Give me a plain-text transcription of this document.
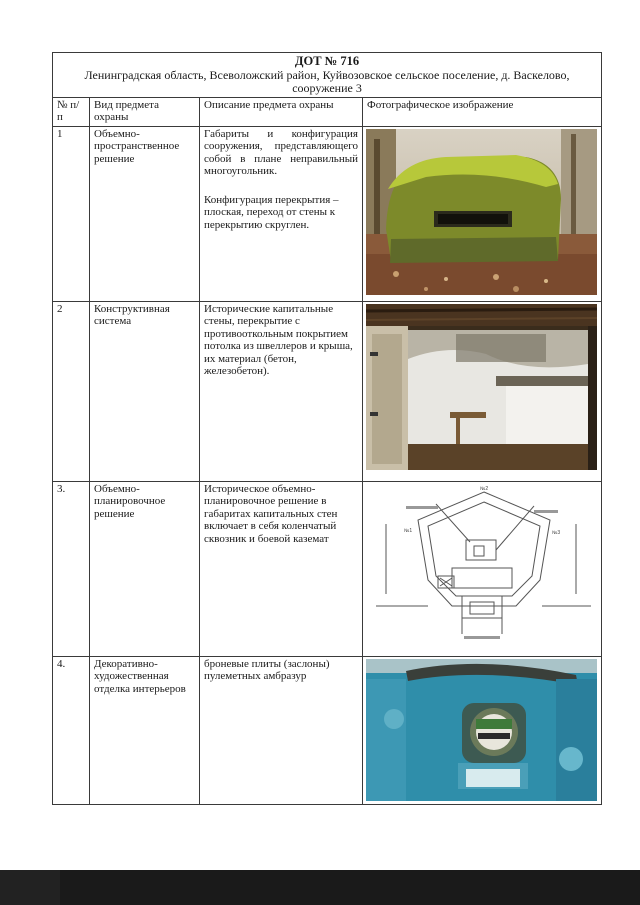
ДОТ № 716
Ленинградская область, Всеволожский район, Куйвозовское сельское поселение, д. Васкелово,
сооружение 3			
№ п/п	Вид предмета охраны	Описание предмета охраны	Фотографическое изображение
1	Объемно-пространственное решение	Габариты и конфигурация сооружения, представляющего собой в плане неправильный многоугольник.
Конфигурация перекрытия – плоская, переход от стены к перекрытию скруглен.

2	Конструктивная система	Исторические капитальные стены, перекрытие с противооткольным покрытием потолка из швеллеров и крыша, их материал (бетон, железобетон).

3.	Объемно-планировочное решение	Историческое объемно-планировочное решение в габаритах капитальных стен включает в себя коленчатый сквозник и боевой каземат	№2
№1 №3

4.	Декоративно-художественная отделка интерьеров	броневые плиты (заслоны) пулеметных амбразур
